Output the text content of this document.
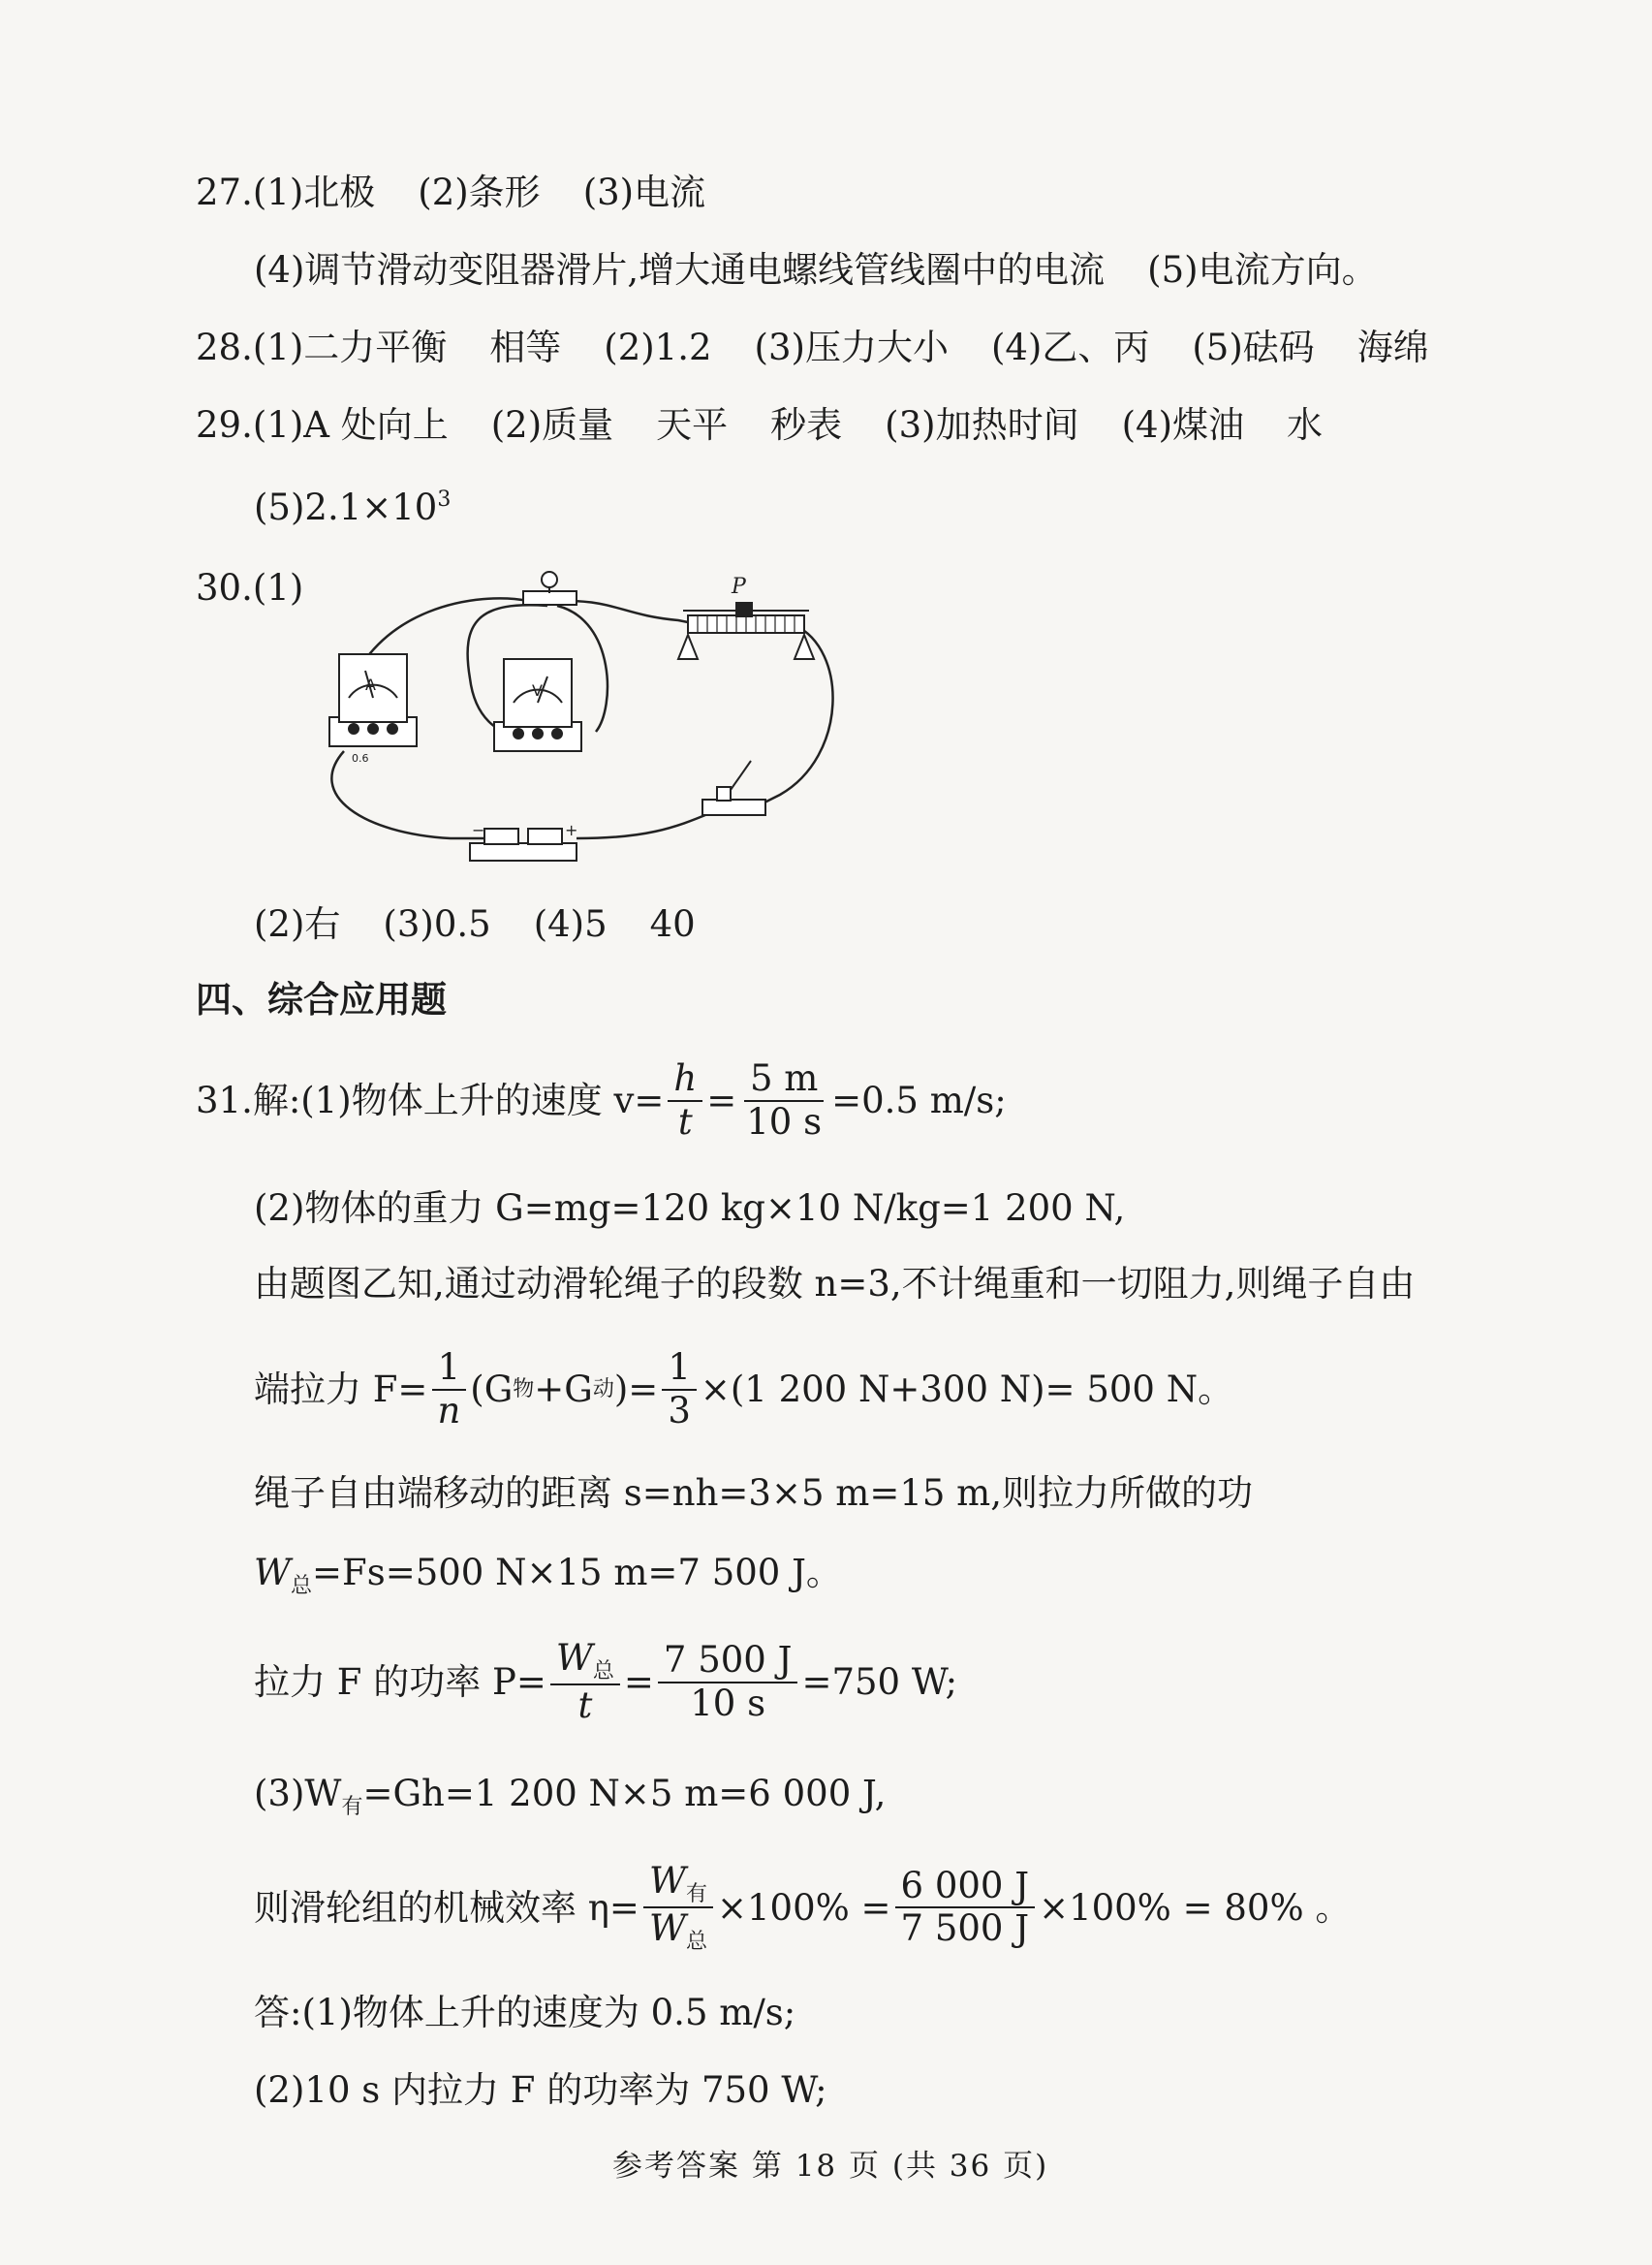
27.(1)北极 (2)条形 (3)电流
(4)调节滑动变阻器滑片,增大通电螺线管线圈中的电流 (5)电流方向。
28.(1)二力平衡 相等 (2)1.2 (3)压力大小 (4)乙、丙 (5)砝码 海绵
29.(1)A 处向上 (2)质量 天平 秒表 (3)加热时间 (4)煤油 水
$(5)2.1\times 10^3$
30.(1)
A
0.6
V
P
−	+
(2)右 (3)0.5 (4)5 40
四、综合应用题
31. 解:(1)物体上升的速度 $v= \frac{h}{t} = \frac{5 m}{10 s} =0.5$ m/s;
(2)物体的重力 G=mg=120 kg×10 N/kg=1 200 N,
由题图乙知,通过动滑轮绳子的段数 n=3,不计绳重和一切阻力,则绳子自由
端拉力 $F= \frac{1}{n} (G$ 物 +G 动 )= $\frac{1}{3} \times(1$ 200 N+300 N)= 500 N。
绳子自由端移动的距离 s=nh=3×5 m=15 m,则拉力所做的功
$W_总=Fs=500$ N×15 m=7 500 J。
拉力 F 的功率 $P= \frac{W_总}{t} = \frac{7 500 J}{10 s} =750$ W;
$(3)W_有=Gh=1$ 200 N×5 m=6 000 J,
则滑轮组的机械效率 $\eta= \frac{W_有}{W_总} \times 100\% = \frac{6 000 J}{7 500 J} \times 100\% = 80\%$ 。
答:(1)物体上升的速度为 0.5 m/s;
(2)10 s 内拉力 F 的功率为 750 W;
参考答案 第 18 页 (共 36 页)
